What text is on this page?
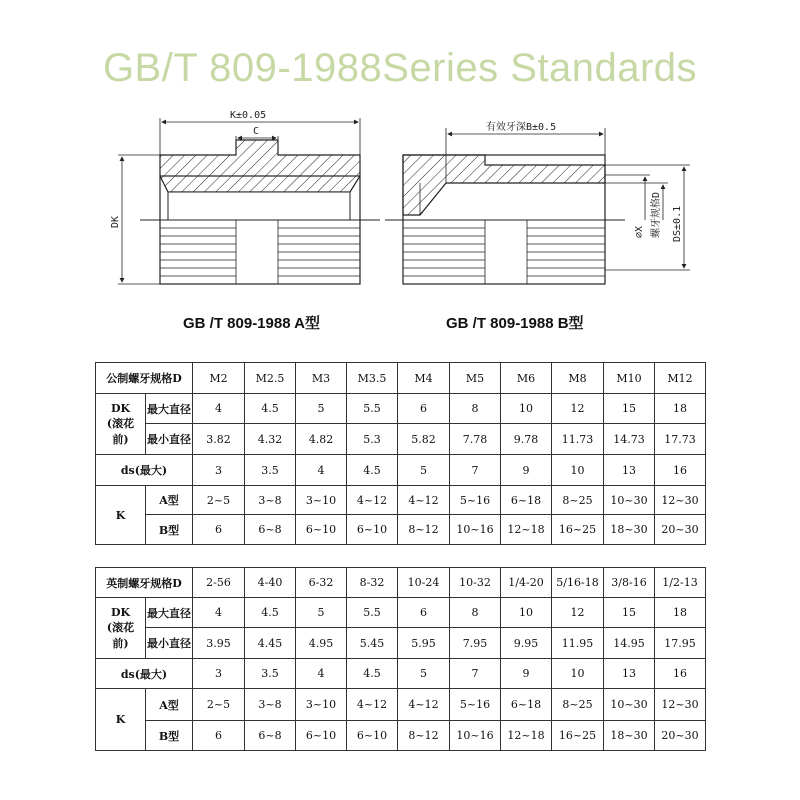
GB/T 809-1988Series Standards
K±0.05
C
DK
有效牙深B±0.5
⌀X 螺牙规格D DS±0.1
GB /T 809-1988 A型	GB /T 809-1988 B型
公制螺牙规格D		M2	M2.5	M3	M3.5	M4	M5	M6	M8	M10	M12

DK
(滚花
前)	最大直径	4	4.5	5	5.5	6	8	10	12	15	18
	最小直径	3.82	4.32	4.82	5.3	5.82	7.78	9.78	11.73	14.73	17.73
ds(最大)		3	3.5	4	4.5	5	7	9	10	13	16
K	A型	2~5	3~8	3~10	4~12	4~12	5~16	6~18	8~25	10~30	12~30
	B型	6	6~8	6~10	6~10	8~12	10~16	12~18	16~25	18~30	20~30
英制螺牙规格D		2-56	4-40	6-32	8-32	10-24	10-32	1/4-20	5/16-18	3/8-16	1/2-13

DK
(滚花
前)	最大直径	4	4.5	5	5.5	6	8	10	12	15	18
	最小直径	3.95	4.45	4.95	5.45	5.95	7.95	9.95	11.95	14.95	17.95
ds(最大)		3	3.5	4	4.5	5	7	9	10	13	16
K	A型	2~5	3~8	3~10	4~12	4~12	5~16	6~18	8~25	10~30	12~30
	B型	6	6~8	6~10	6~10	8~12	10~16	12~18	16~25	18~30	20~30
